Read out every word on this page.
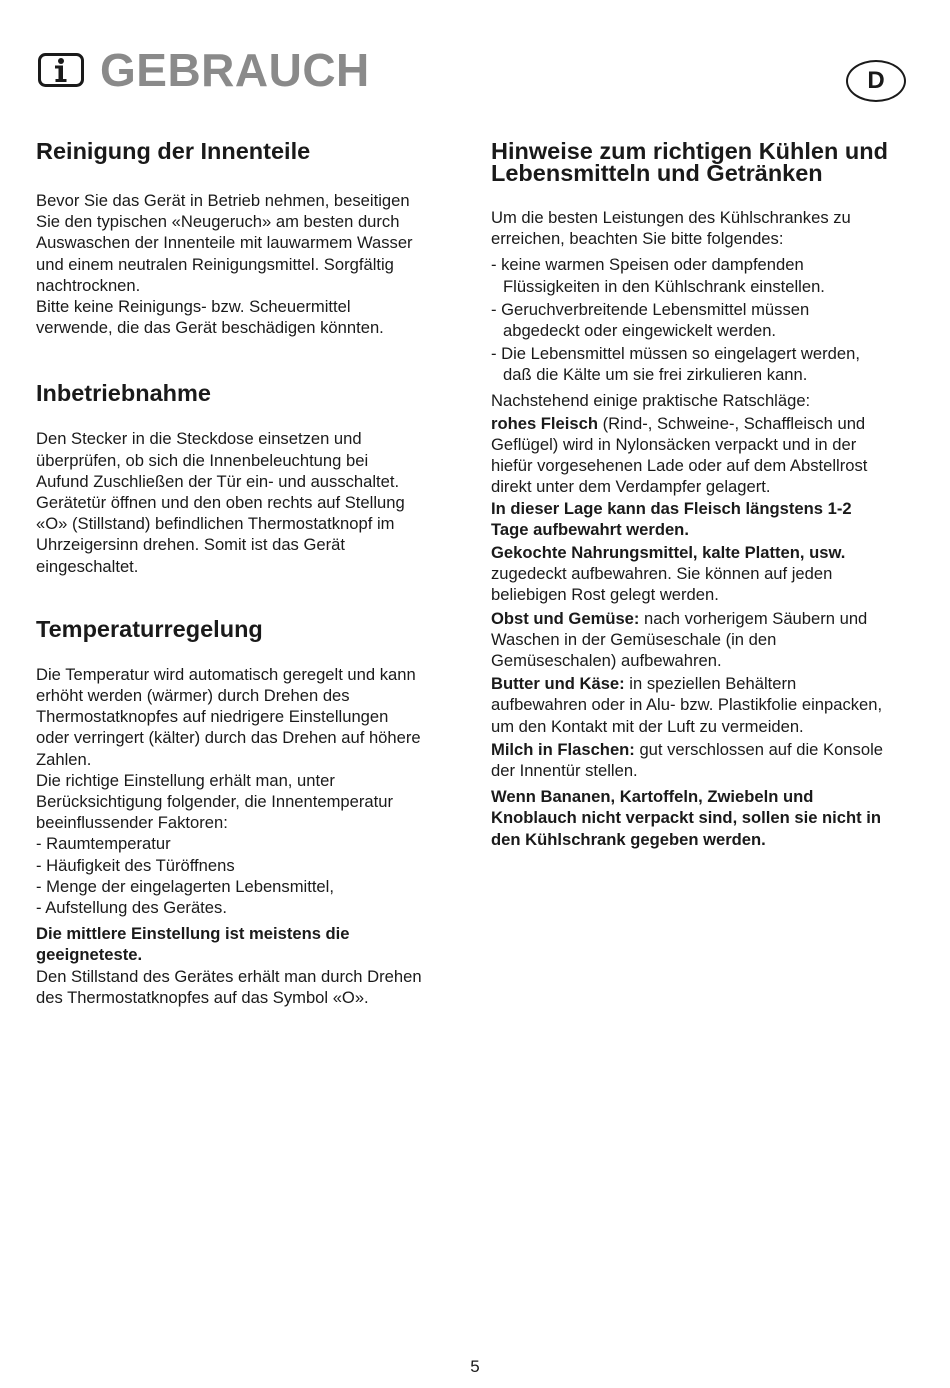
GEBRAUCH	D
Reinigung der Innenteile

Bevor Sie das Gerät in Betrieb nehmen, beseitigen

Sie den typischen «Neugeruch» am besten durch

Auswaschen der Innenteile mit lauwarmem Wasser

und einem neutralen Reinigungsmittel. Sorgfältig

nachtrocknen.

Bitte keine Reinigungs- bzw. Scheuermittel

verwende, die das Gerät beschädigen könnten.

Inbetriebnahme

Den Stecker in die Steckdose einsetzen und

überprüfen, ob sich die Innenbeleuchtung bei

Aufund Zuschließen der Tür ein- und ausschaltet.

Gerätetür öffnen und den oben rechts auf Stellung

«O» (Stillstand) befindlichen Thermostatknopf im

Uhrzeigersinn drehen. Somit ist das Gerät

eingeschaltet.

Temperaturregelung

Die Temperatur wird automatisch geregelt und kann

erhöht werden (wärmer) durch Drehen des

Thermostatknopfes auf niedrigere Einstellungen

oder verringert (kälter) durch das Drehen auf höhere

Zahlen.

Die richtige Einstellung erhält man, unter

Berücksichtigung folgender, die Innentemperatur

beeinflussender Faktoren:

- Raumtemperatur

- Häufigkeit des Türöffnens

- Menge der eingelagerten Lebensmittel,

- Aufstellung des Gerätes.

Die mittlere Einstellung ist meistens die

geeigneteste.

Den Stillstand des Gerätes erhält man durch Drehen

des Thermostatknopfes auf das Symbol «O».

Hinweise zum richtigen Kühlen und
Lebensmitteln und Getränken

Um die besten Leistungen des Kühlschrankes zu

erreichen, beachten Sie bitte folgendes:

- keine warmen Speisen oder dampfenden

Flüssigkeiten in den Kühlschrank einstellen.

- Geruchverbreitende Lebensmittel müssen

abgedeckt oder eingewickelt werden.

- Die Lebensmittel müssen so eingelagert werden,

daß die Kälte um sie frei zirkulieren kann.

Nachstehend einige praktische Ratschläge:

rohes Fleisch (Rind-, Schweine-, Schaffleisch und

Geflügel) wird in Nylonsäcken verpackt und in der

hiefür vorgesehenen Lade oder auf dem Abstellrost

direkt unter dem Verdampfer gelagert.

In dieser Lage kann das Fleisch längstens 1-2

Tage aufbewahrt werden.

Gekochte Nahrungsmittel, kalte Platten, usw.

zugedeckt aufbewahren. Sie können auf jeden

beliebigen Rost gelegt werden.

Obst und Gemüse: nach vorherigem Säubern und

Waschen in der Gemüseschale (in den

Gemüseschalen) aufbewahren.

Butter und Käse: in speziellen Behältern

aufbewahren oder in Alu- bzw. Plastikfolie einpacken,

um den Kontakt mit der Luft zu vermeiden.

Milch in Flaschen: gut verschlossen auf die Konsole

der Innentür stellen.

Wenn Bananen, Kartoffeln, Zwiebeln und

Knoblauch nicht verpackt sind, sollen sie nicht in

den Kühlschrank gegeben werden.

5
